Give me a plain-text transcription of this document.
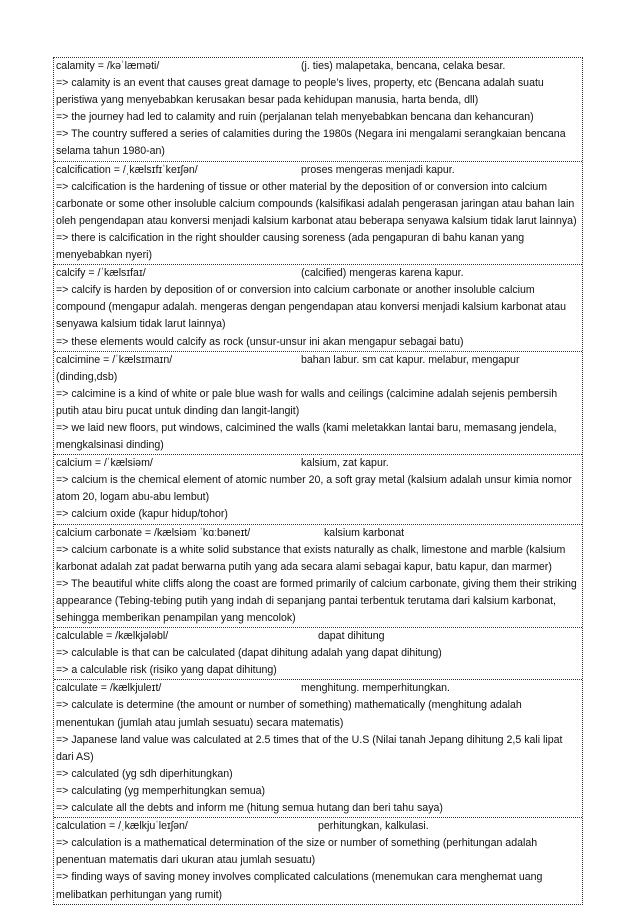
calamity = /kəˈlæməti/	(j. ties) malapetaka, bencana, celaka besar.
=> calamity is an event that causes great damage to people’s lives, property, etc (Bencana adalah suatu peristiwa yang menyebabkan kerusakan besar pada kehidupan manusia, harta benda, dll)
=> the journey had led to calamity and ruin (perjalanan telah menyebabkan bencana dan kehancuran)
=> The country suffered a series of calamities during the 1980s (Negara ini mengalami serangkaian bencana selama tahun 1980-an)
calcification = /ˌkælsɪfɪˈkeɪʃən/	proses mengeras menjadi kapur.
=> calcification is the hardening of tissue or other material by the deposition of or conversion into calcium carbonate or some other insoluble calcium compounds (kalsifikasi adalah pengerasan jaringan atau bahan lain oleh pengendapan atau konversi menjadi kalsium karbonat atau beberapa senyawa kalsium tidak larut lainnya)
=> there is calcification in the right shoulder causing soreness (ada pengapuran di bahu kanan yang menyebabkan nyeri)
calcify = /ˈkælsɪfaɪ/	(calcified) mengeras karena kapur.
=> calcify is harden by deposition of or conversion into calcium carbonate or another insoluble calcium compound (mengapur adalah. mengeras dengan pengendapan atau konversi menjadi kalsium karbonat atau senyawa kalsium tidak larut lainnya)
=> these elements would calcify as rock (unsur-unsur ini akan mengapur sebagai batu)
calcimine = /ˈkælsɪmaɪn/	bahan labur. sm cat kapur. melabur, mengapur (dinding,dsb)
=> calcimine is a kind of white or pale blue wash for walls and ceilings (calcimine adalah sejenis pembersih putih atau biru pucat untuk dinding dan langit-langit)
=> we laid new floors, put windows, calcimined the walls (kami meletakkan lantai baru, memasang jendela, mengkalsinasi dinding)
calcium = /ˈkælsiəm/	kalsium, zat kapur.
=> calcium is the chemical element of atomic number 20, a soft gray metal (kalsium adalah unsur kimia nomor atom 20, logam abu-abu lembut)
=> calcium oxide (kapur hidup/tohor)
calcium carbonate = /kælsiəm ˈkɑːbəneɪt/	kalsium karbonat
=> calcium carbonate is a white solid substance that exists naturally as chalk, limestone and marble (kalsium karbonat adalah zat padat berwarna putih yang ada secara alami sebagai kapur, batu kapur, dan marmer)
=> The beautiful white cliffs along the coast are formed primarily of calcium carbonate, giving them their striking appearance (Tebing-tebing putih yang indah di sepanjang pantai terbentuk terutama dari kalsium karbonat, sehingga memberikan penampilan yang mencolok)
calculable = /kælkjələbl/	dapat dihitung
=> calculable is that can be calculated (dapat dihitung adalah yang dapat dihitung)
=> a calculable risk (risiko yang dapat dihitung)
calculate = /kælkjuleɪt/	menghitung. memperhitungkan.
=> calculate is determine (the amount or number of something) mathematically (menghitung adalah menentukan (jumlah atau jumlah sesuatu) secara matematis)
=> Japanese land value was calculated at 2.5 times that of the U.S (Nilai tanah Jepang dihitung 2,5 kali lipat dari AS)
=> calculated (yg sdh diperhitungkan)
=> calculating (yg memperhitungkan semua)
=> calculate all the debts and inform me (hitung semua hutang dan beri tahu saya)
calculation = /ˌkælkjuˈleɪʃən/	perhitungkan, kalkulasi.
=> calculation is a mathematical determination of the size or number of something (perhitungan adalah penentuan matematis dari ukuran atau jumlah sesuatu)
=> finding ways of saving money involves complicated calculations (menemukan cara menghemat uang melibatkan perhitungan yang rumit)
